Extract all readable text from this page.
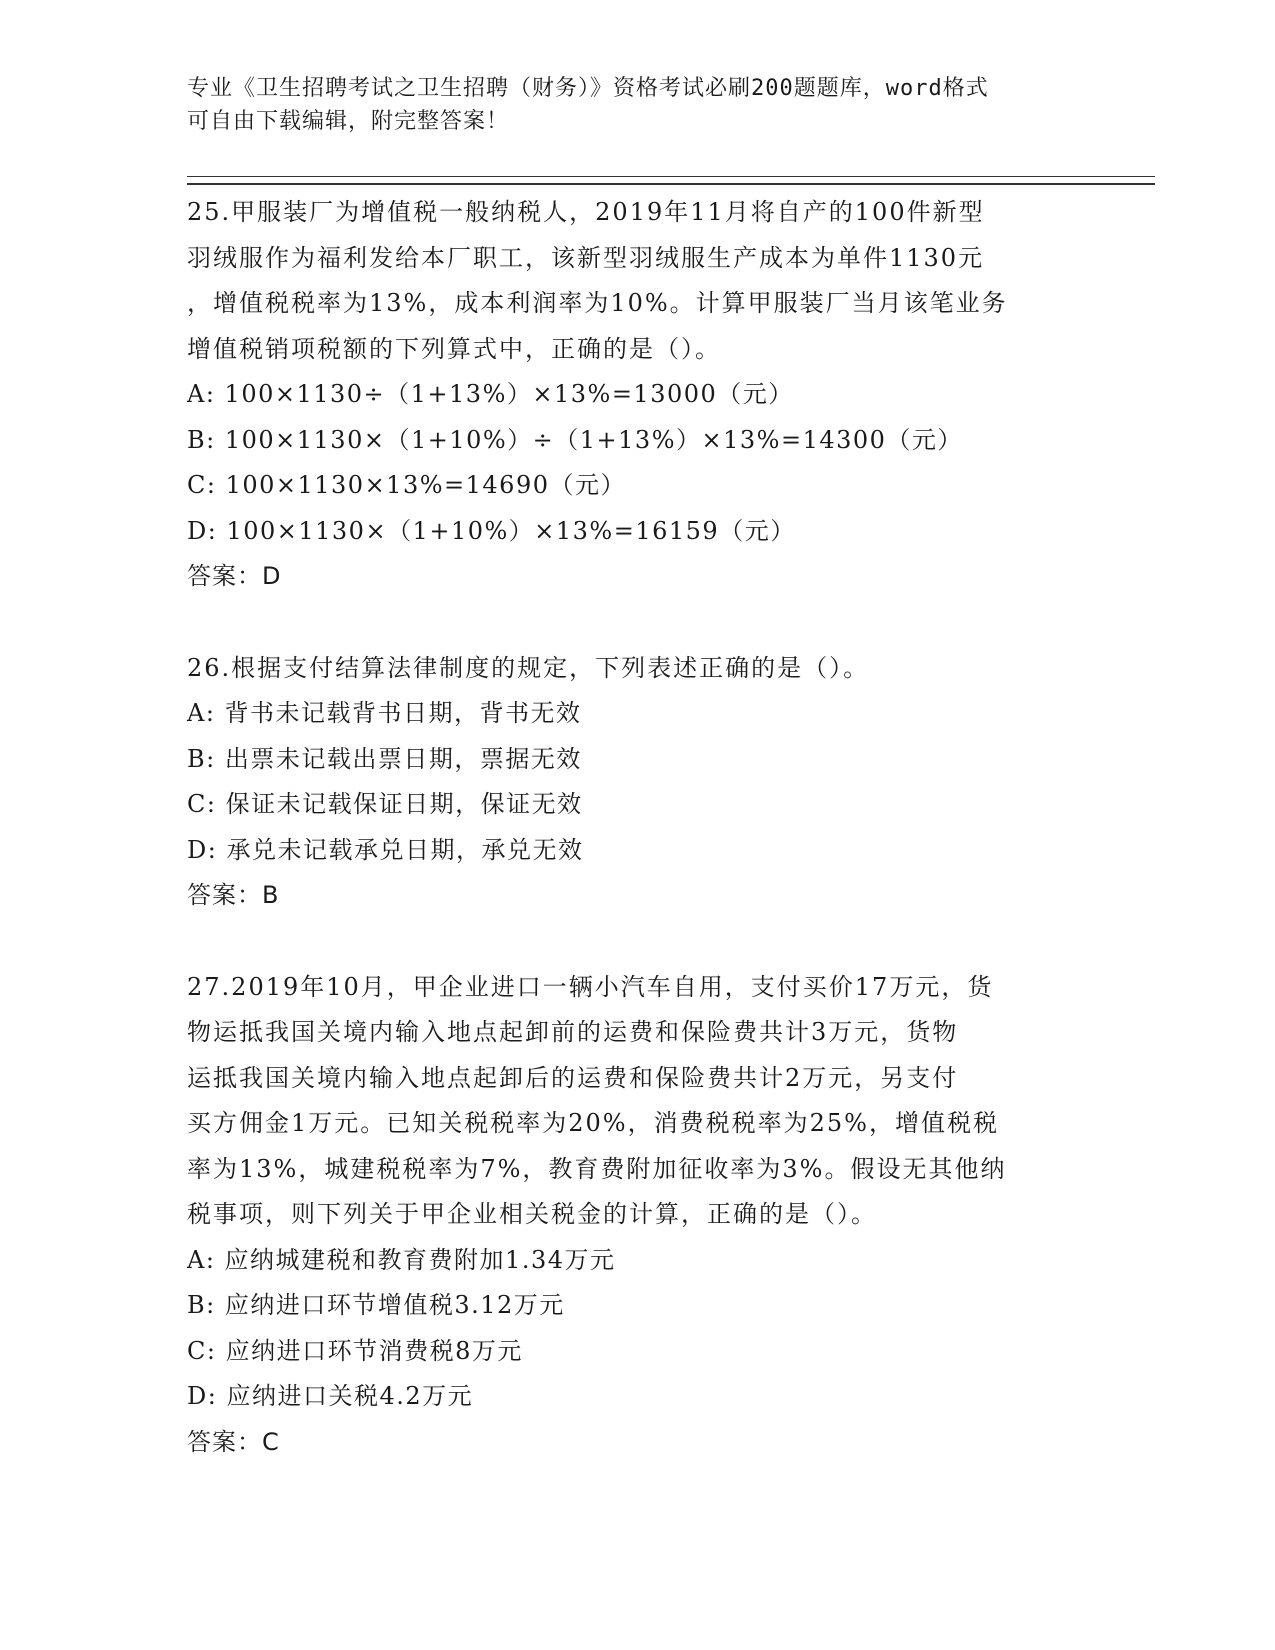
专业《卫生招聘考试之卫生招聘（财务）》资格考试必刷200题题库，word格式
可自由下载编辑，附完整答案！

25.甲服装厂为增值税一般纳税人，2019年11月将自产的100件新型

羽绒服作为福利发给本厂职工，该新型羽绒服生产成本为单件1130元

，增值税税率为13%，成本利润率为10%。计算甲服装厂当月该笔业务

增值税销项税额的下列算式中，正确的是（）。

A: 100×1130÷（1+13%）×13%=13000（元）

B: 100×1130×（1+10%）÷（1+13%）×13%=14300（元）

C: 100×1130×13%=14690（元）

D: 100×1130×（1+10%）×13%=16159（元）

答案：D

26.根据支付结算法律制度的规定，下列表述正确的是（）。

A: 背书未记载背书日期，背书无效

B: 出票未记载出票日期，票据无效

C: 保证未记载保证日期，保证无效

D: 承兑未记载承兑日期，承兑无效

答案：B

27.2019年10月，甲企业进口一辆小汽车自用，支付买价17万元，货

物运抵我国关境内输入地点起卸前的运费和保险费共计3万元，货物

运抵我国关境内输入地点起卸后的运费和保险费共计2万元，另支付

买方佣金1万元。已知关税税率为20%，消费税税率为25%，增值税税

率为13%，城建税税率为7%，教育费附加征收率为3%。假设无其他纳

税事项，则下列关于甲企业相关税金的计算，正确的是（）。

A: 应纳城建税和教育费附加1.34万元

B: 应纳进口环节增值税3.12万元

C: 应纳进口环节消费税8万元

D: 应纳进口关税4.2万元

答案：C
